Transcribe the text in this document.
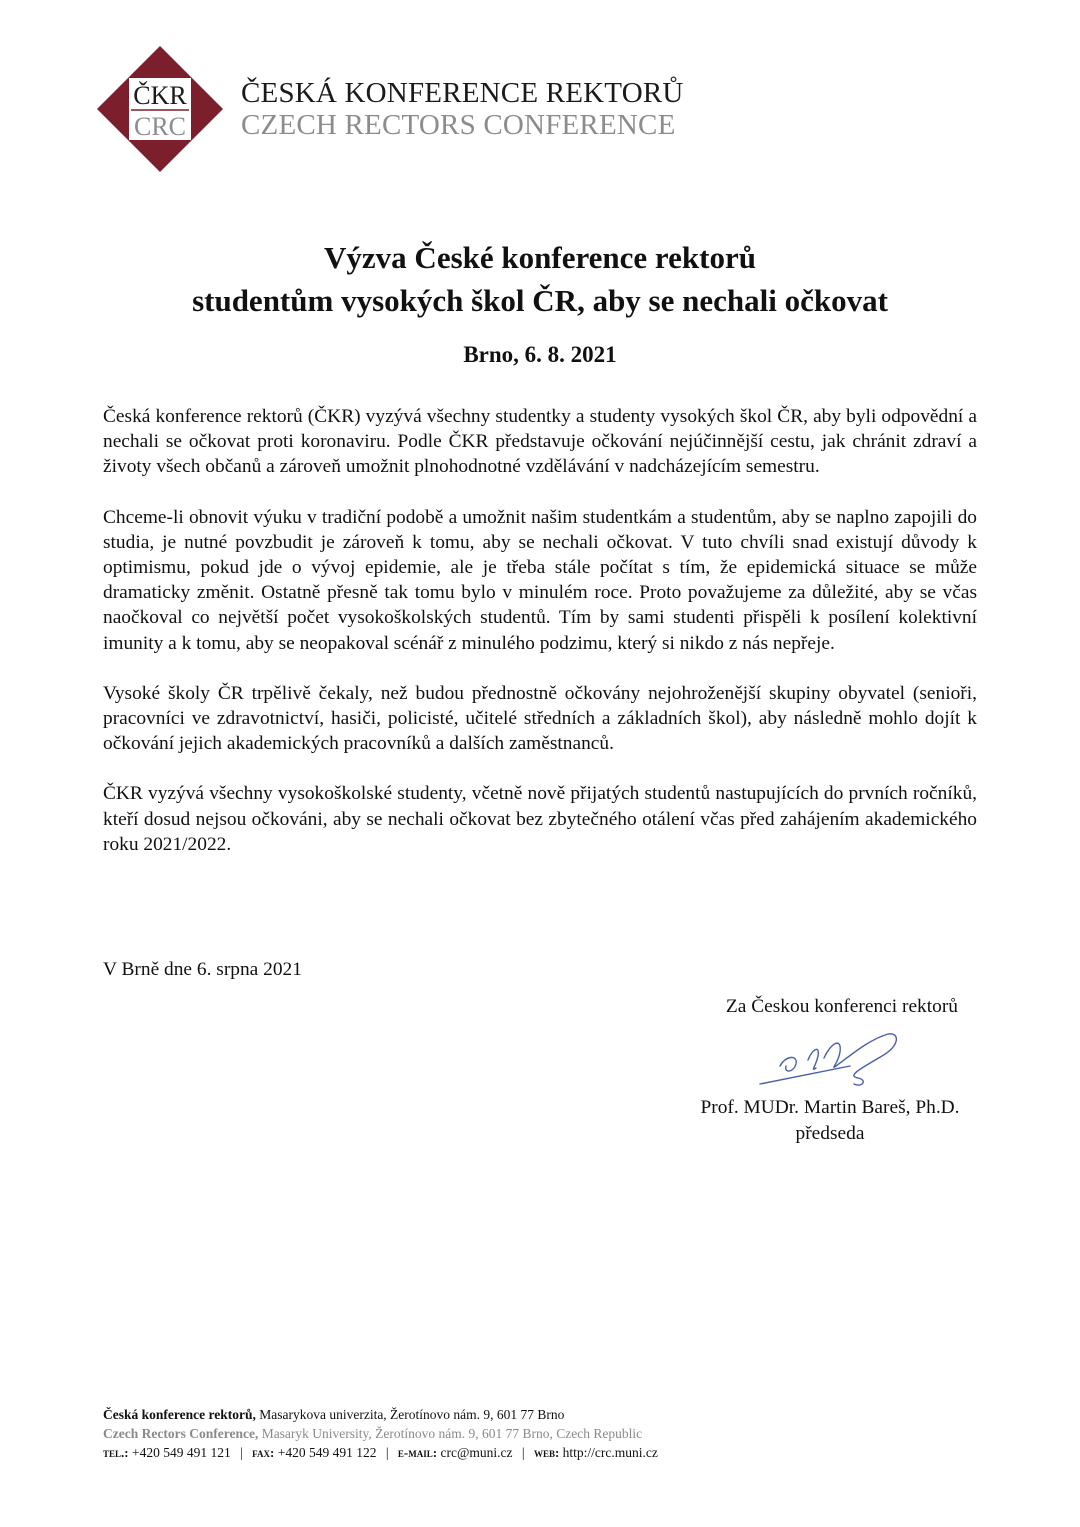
ČKR
CRC
ČESKÁ KONFERENCE REKTORŮ
CZECH RECTORS CONFERENCE
Výzva České konference rektorů
studentům vysokých škol ČR, aby se nechali očkovat
Brno, 6. 8. 2021

Česká konference rektorů (ČKR) vyzývá všechny studentky a studenty vysokých škol ČR, aby byli odpovědní a nechali se očkovat proti koronaviru. Podle ČKR představuje očkování nejúčinnější cestu, jak chránit zdraví a životy všech občanů a zároveň umožnit plnohodnotné vzdělávání v nadcházejícím semestru.

Chceme-li obnovit výuku v tradiční podobě a umožnit našim studentkám a studentům, aby se naplno zapojili do studia, je nutné povzbudit je zároveň k tomu, aby se nechali očkovat. V tuto chvíli snad existují důvody k optimismu, pokud jde o vývoj epidemie, ale je třeba stále počítat s tím, že epidemická situace se může dramaticky změnit. Ostatně přesně tak tomu bylo v minulém roce. Proto považujeme za důležité, aby se včas naočkoval co největší počet vysokoškolských studentů. Tím by sami studenti přispěli k posílení kolektivní imunity a k tomu, aby se neopakoval scénář z minulého podzimu, který si nikdo z nás nepřeje.

Vysoké školy ČR trpělivě čekaly, než budou přednostně očkovány nejohroženější skupiny obyvatel (senioři, pracovníci ve zdravotnictví, hasiči, policisté, učitelé středních a základních škol), aby následně mohlo dojít k očkování jejich akademických pracovníků a dalších zaměstnanců.

ČKR vyzývá všechny vysokoškolské studenty, včetně nově přijatých studentů nastupujících do prvních ročníků, kteří dosud nejsou očkováni, aby se nechali očkovat bez zbytečného otálení včas před zahájením akademického roku 2021/2022.

V Brně dne 6. srpna 2021
Za Českou konferenci rektorů
Prof. MUDr. Martin Bareš, Ph.D.
předseda
Česká konference rektorů, Masarykova univerzita, Žerotínovo nám. 9, 601 77 Brno
Czech Rectors Conference, Masaryk University, Žerotínovo nám. 9, 601 77 Brno, Czech Republic
tel.: +420 549 491 121 | fax: +420 549 491 122 | e-mail: crc@muni.cz | web: http://crc.muni.cz
